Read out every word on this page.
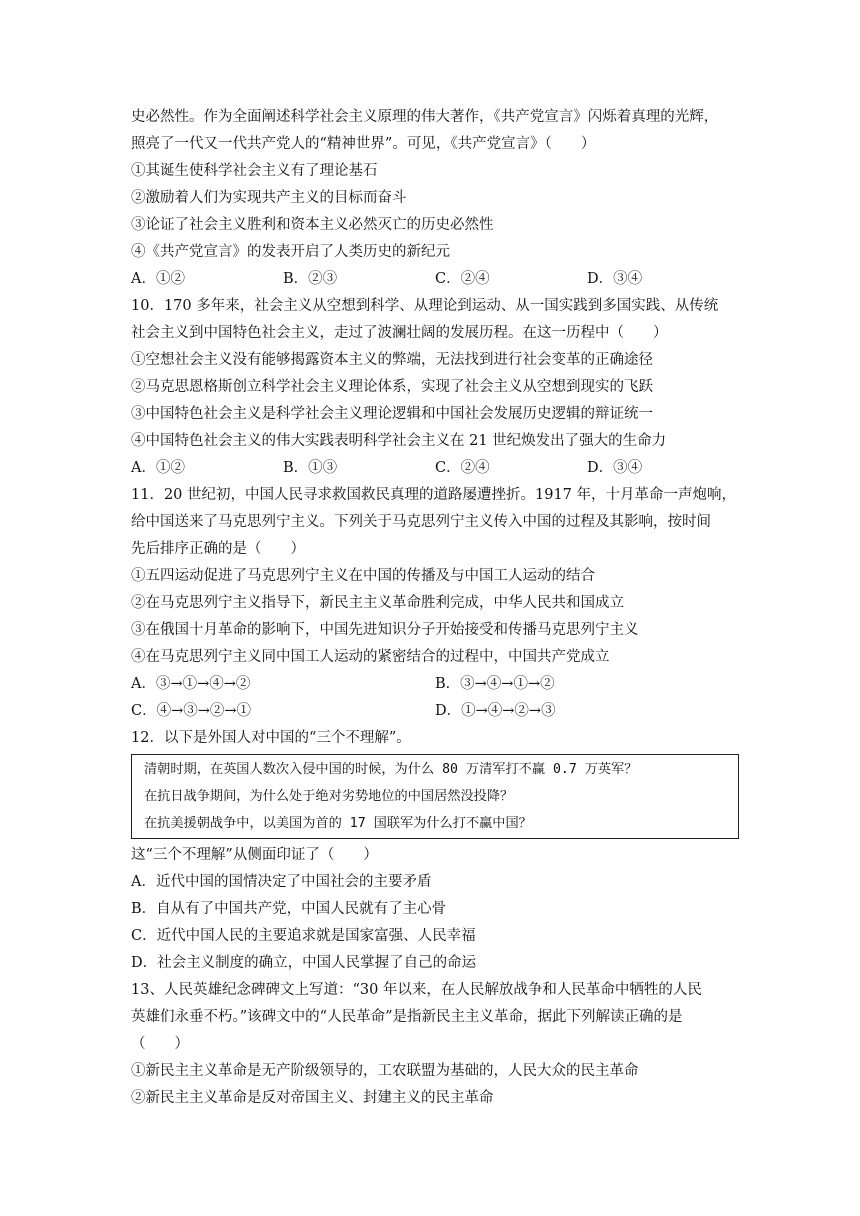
史必然性。作为全面阐述科学社会主义原理的伟大著作，《共产党宣言》闪烁着真理的光辉，
照亮了一代又一代共产党人的“精神世界”。可见，《共产党宣言》（　　）
①其诞生使科学社会主义有了理论基石
②激励着人们为实现共产主义的目标而奋斗
③论证了社会主义胜利和资本主义必然灭亡的历史必然性
④《共产党宣言》的发表开启了人类历史的新纪元
A．①②	B．②③	C．②④	D．③④
10．170 多年来，社会主义从空想到科学、从理论到运动、从一国实践到多国实践、从传统
社会主义到中国特色社会主义，走过了波澜壮阔的发展历程。在这一历程中（　　）
①空想社会主义没有能够揭露资本主义的弊端，无法找到进行社会变革的正确途径
②马克思恩格斯创立科学社会主义理论体系，实现了社会主义从空想到现实的飞跃
③中国特色社会主义是科学社会主义理论逻辑和中国社会发展历史逻辑的辩证统一
④中国特色社会主义的伟大实践表明科学社会主义在 21 世纪焕发出了强大的生命力
A．①②	B．①③	C．②④	D．③④
11．20 世纪初，中国人民寻求救国救民真理的道路屡遭挫折。1917 年，十月革命一声炮响，
给中国送来了马克思列宁主义。下列关于马克思列宁主义传入中国的过程及其影响，按时间
先后排序正确的是（　　）
①五四运动促进了马克思列宁主义在中国的传播及与中国工人运动的结合
②在马克思列宁主义指导下，新民主主义革命胜利完成，中华人民共和国成立
③在俄国十月革命的影响下，中国先进知识分子开始接受和传播马克思列宁主义
④在马克思列宁主义同中国工人运动的紧密结合的过程中，中国共产党成立
A．③→①→④→②	B．③→④→①→②
C．④→③→②→①	D．①→④→②→③
12．以下是外国人对中国的“三个不理解”。
清朝时期，在英国人数次入侵中国的时候，为什么 80 万清军打不赢 0.7 万英军？
在抗日战争期间，为什么处于绝对劣势地位的中国居然没投降？
在抗美援朝战争中，以美国为首的 17 国联军为什么打不赢中国？
这“三个不理解”从侧面印证了（　　）
A．近代中国的国情决定了中国社会的主要矛盾
B．自从有了中国共产党，中国人民就有了主心骨
C．近代中国人民的主要追求就是国家富强、人民幸福
D．社会主义制度的确立，中国人民掌握了自己的命运
13、人民英雄纪念碑碑文上写道：“30 年以来，在人民解放战争和人民革命中牺牲的人民
英雄们永垂不朽。”该碑文中的“人民革命”是指新民主主义革命，据此下列解读正确的是
（　　）
①新民主主义革命是无产阶级领导的，工农联盟为基础的，人民大众的民主革命
②新民主主义革命是反对帝国主义、封建主义的民主革命
